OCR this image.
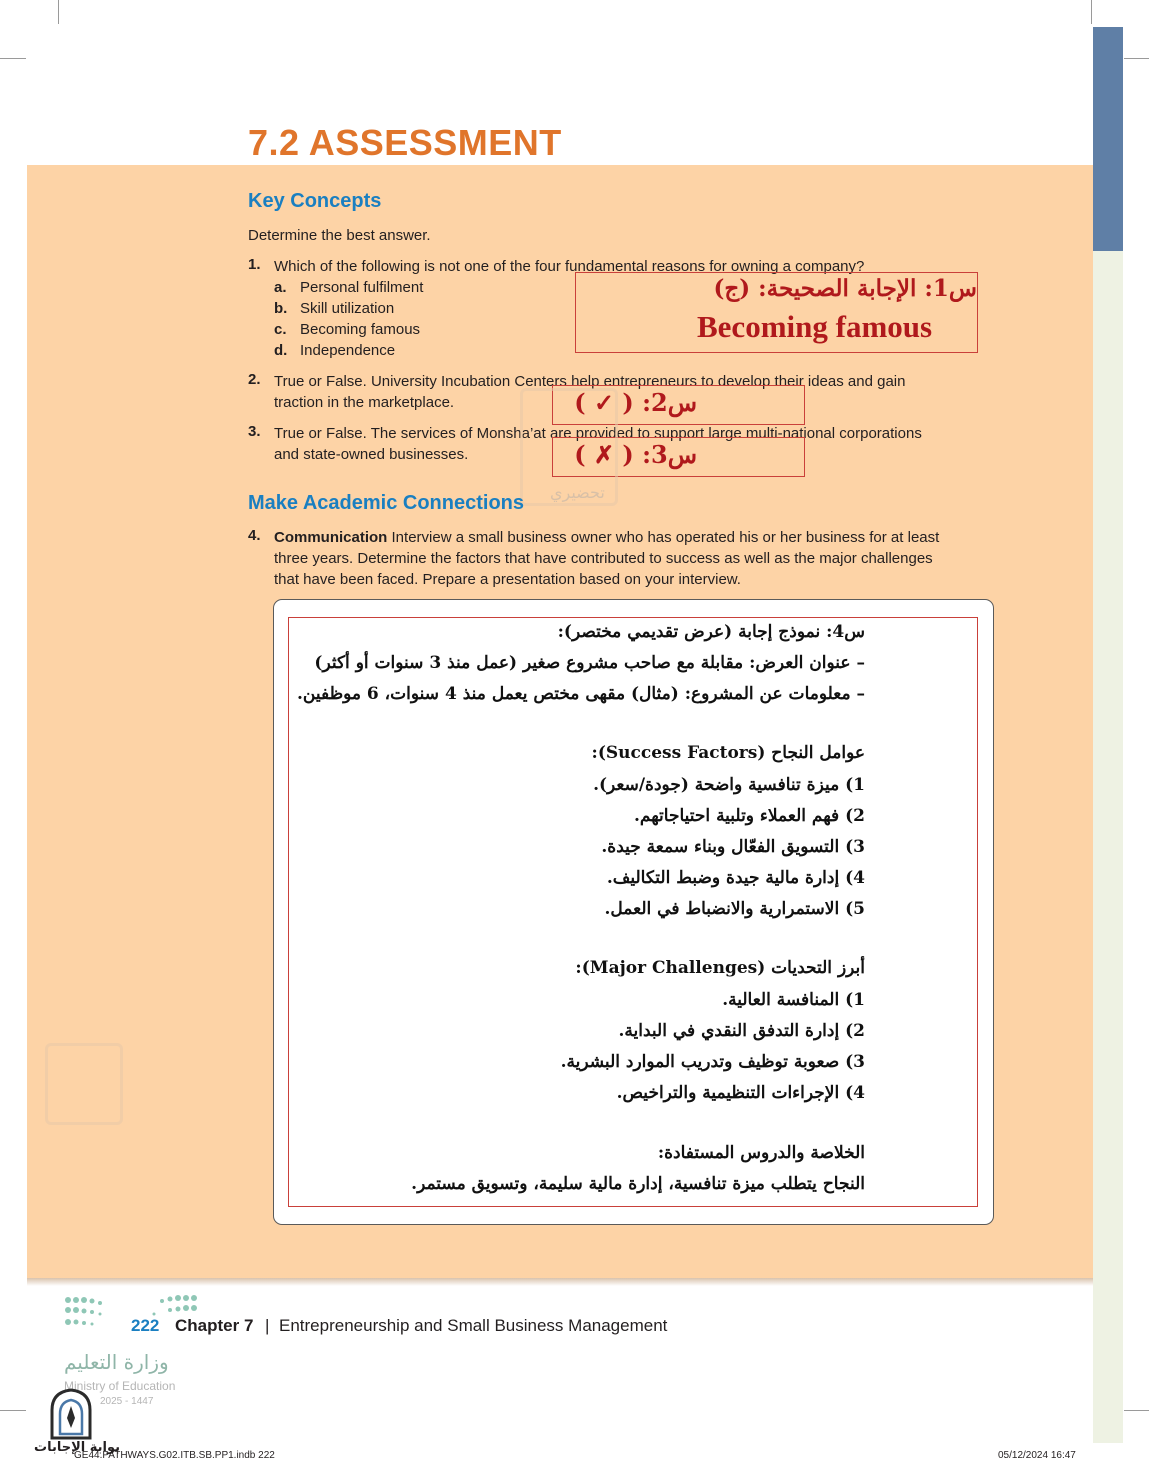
7.2 ASSESSMENT
Key Concepts
Determine the best answer.
1. Which of the following is not one of the four fundamental reasons for owning a company?
a. Personal fulfilment
b. Skill utilization
c. Becoming famous
d. Independence
س1: الإجابة الصحيحة: (ج)
Becoming famous
2. True or False. University Incubation Centers help entrepreneurs to develop their ideas and gain
traction in the marketplace.	س2: ( ✓ )
3. True or False. The services of Monsha’at are provided to support large multi-national corporations
and state-owned businesses.	س3: ( ✗ )
تحضيري
Make Academic Connections
4. Communication Interview a small business owner who has operated his or her business for at least
three years. Determine the factors that have contributed to success as well as the major challenges
that have been faced. Prepare a presentation based on your interview.
س4: نموذج إجابة (عرض تقديمي مختصر):
– عنوان العرض: مقابلة مع صاحب مشروع صغير (عمل منذ 3 سنوات أو أكثر)
– معلومات عن المشروع: (مثال) مقهى مختص يعمل منذ 4 سنوات، 6 موظفين.
عوامل النجاح (Success Factors):
1) ميزة تنافسية واضحة (جودة/سعر).
2) فهم العملاء وتلبية احتياجاتهم.
3) التسويق الفعّال وبناء سمعة جيدة.
4) إدارة مالية جيدة وضبط التكاليف.
5) الاستمرارية والانضباط في العمل.
أبرز التحديات (Major Challenges):
1) المنافسة العالية.
2) إدارة التدفق النقدي في البداية.
3) صعوبة توظيف وتدريب الموارد البشرية.
4) الإجراءات التنظيمية والتراخيص.
الخلاصة والدروس المستفادة:
النجاح يتطلب ميزة تنافسية، إدارة مالية سليمة، وتسويق مستمر.
222 Chapter 7 | Entrepreneurship and Small Business Management
وزارة التعليم
Ministry of Education
2025 - 1447
بوابة الإجابات
GE44.PATHWAYS.G02.ITB.SB.PP1.indb 222	05/12/2024 16:47
